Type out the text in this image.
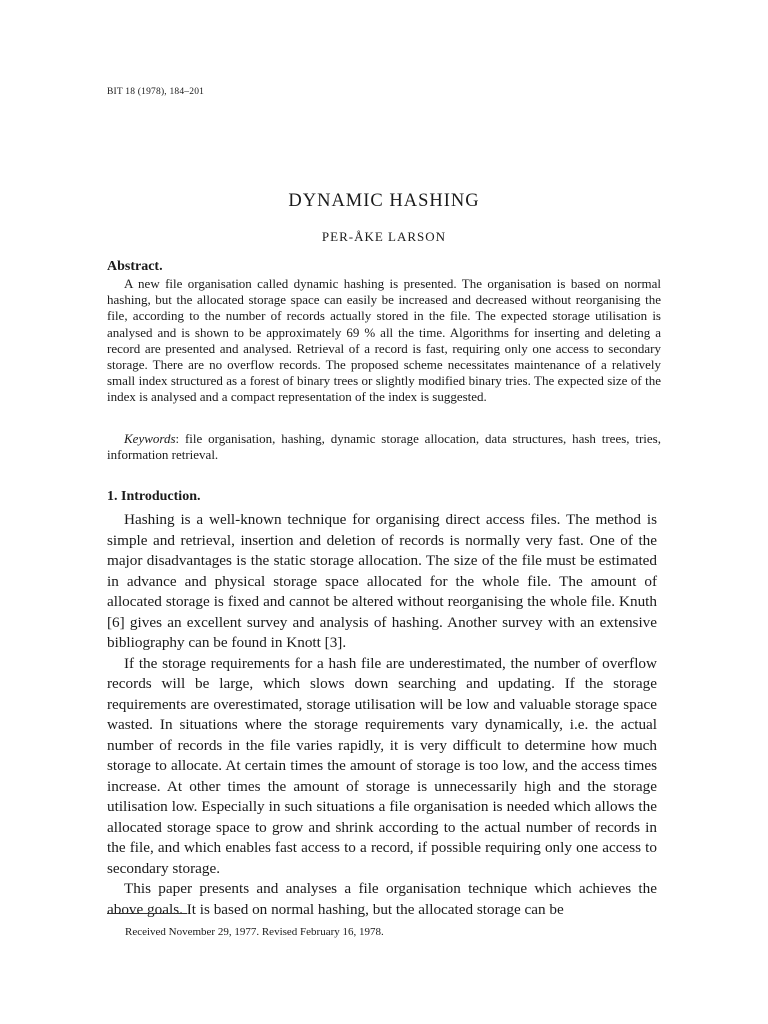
BIT 18 (1978), 184–201
DYNAMIC HASHING
PER-ÅKE LARSON
Abstract.
A new file organisation called dynamic hashing is presented. The organisation is based on normal hashing, but the allocated storage space can easily be increased and decreased without reorganising the file, according to the number of records actually stored in the file. The expected storage utilisation is analysed and is shown to be approximately 69 % all the time. Algorithms for inserting and deleting a record are presented and analysed. Retrieval of a record is fast, requiring only one access to secondary storage. There are no overflow records. The proposed scheme necessitates maintenance of a relatively small index structured as a forest of binary trees or slightly modified binary tries. The expected size of the index is analysed and a compact representation of the index is suggested.
Keywords: file organisation, hashing, dynamic storage allocation, data structures, hash trees, tries, information retrieval.
1. Introduction.

Hashing is a well-known technique for organising direct access files. The method is simple and retrieval, insertion and deletion of records is normally very fast. One of the major disadvantages is the static storage allocation. The size of the file must be estimated in advance and physical storage space allocated for the whole file. The amount of allocated storage is fixed and cannot be altered without reorganising the whole file. Knuth [6] gives an excellent survey and analysis of hashing. Another survey with an extensive bibliography can be found in Knott [3].

If the storage requirements for a hash file are underestimated, the number of overflow records will be large, which slows down searching and updating. If the storage requirements are overestimated, storage utilisation will be low and valuable storage space wasted. In situations where the storage requirements vary dynamically, i.e. the actual number of records in the file varies rapidly, it is very difficult to determine how much storage to allocate. At certain times the amount of storage is too low, and the access times increase. At other times the amount of storage is unnecessarily high and the storage utilisation low. Especially in such situations a file organisation is needed which allows the allocated storage space to grow and shrink according to the actual number of records in the file, and which enables fast access to a record, if possible requiring only one access to secondary storage.

This paper presents and analyses a file organisation technique which achieves the above goals. It is based on normal hashing, but the allocated storage can be

Received November 29, 1977. Revised February 16, 1978.
